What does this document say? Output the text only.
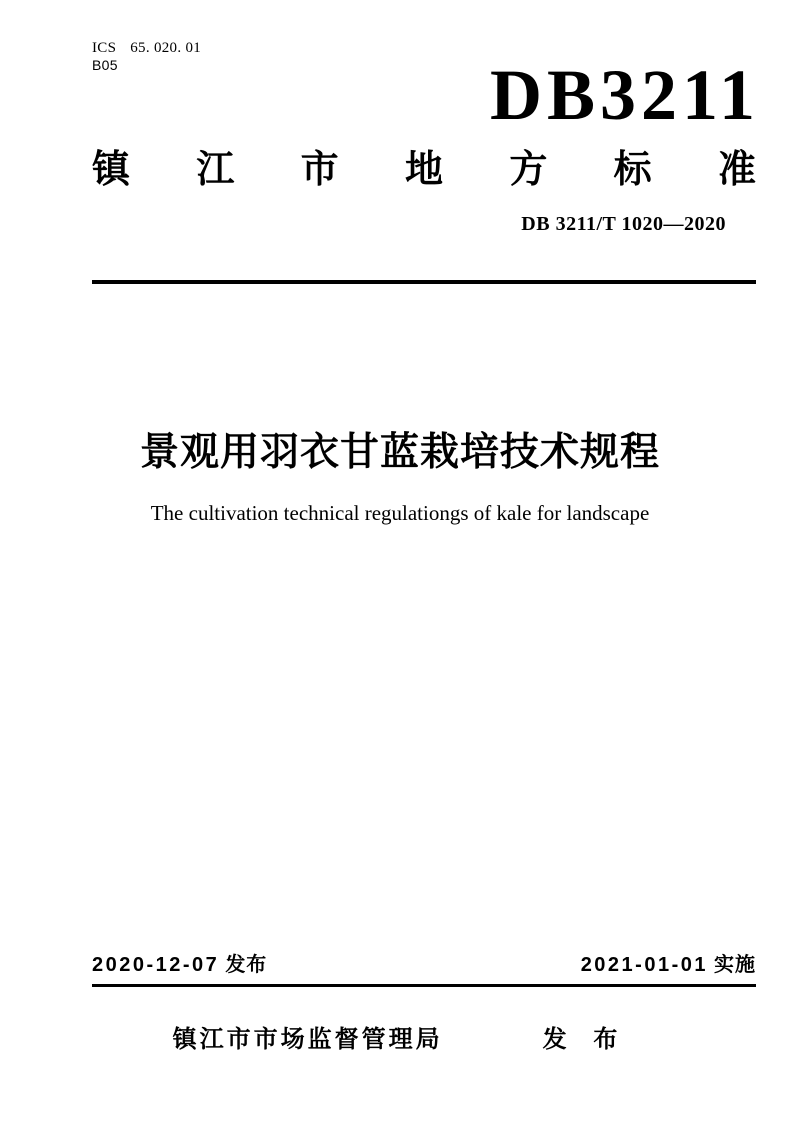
ICS 65. 020. 01
B05	DB3211
镇 江 市 地 方 标 准
DB 3211/T 1020—2020
景观用羽衣甘蓝栽培技术规程
The cultivation technical regulationgs of kale for landscape
2020-12-07 发布	2021-01-01 实施
镇江市市场监督管理局	发 布
